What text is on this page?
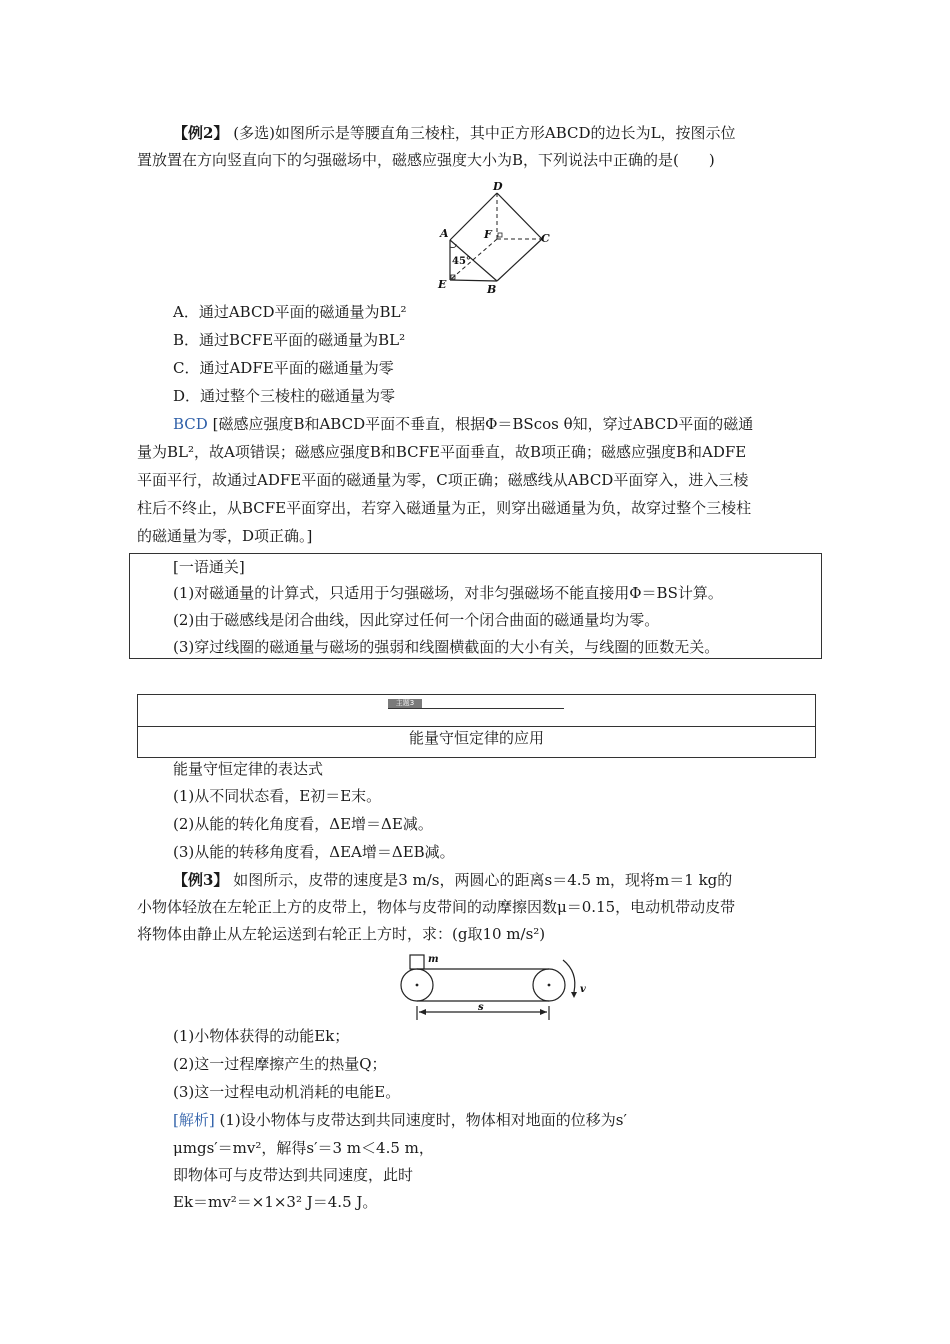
【例2】 (多选)如图所示是等腰直角三棱柱，其中正方形ABCD的边长为L，按图示位
置放置在方向竖直向下的匀强磁场中，磁感应强度大小为B，下列说法中正确的是(　　)
D
A	F	C
E	B
45°
A．通过ABCD平面的磁通量为BL²
B．通过BCFE平面的磁通量为BL²
C．通过ADFE平面的磁通量为零
D．通过整个三棱柱的磁通量为零
BCD [磁感应强度B和ABCD平面不垂直，根据Φ＝BScos θ知，穿过ABCD平面的磁通
量为BL²，故A项错误；磁感应强度B和BCFE平面垂直，故B项正确；磁感应强度B和ADFE
平面平行，故通过ADFE平面的磁通量为零，C项正确；磁感线从ABCD平面穿入，进入三棱
柱后不终止，从BCFE平面穿出，若穿入磁通量为正，则穿出磁通量为负，故穿过整个三棱柱
的磁通量为零，D项正确。]
[一语通关]
(1)对磁通量的计算式，只适用于匀强磁场，对非匀强磁场不能直接用Φ＝BS计算。
(2)由于磁感线是闭合曲线，因此穿过任何一个闭合曲面的磁通量均为零。
(3)穿过线圈的磁通量与磁场的强弱和线圈横截面的大小有关，与线圈的匝数无关。
主题3
能量守恒定律的应用
能量守恒定律的表达式
(1)从不同状态看，E初＝E末。
(2)从能的转化角度看，ΔE增＝ΔE减。
(3)从能的转移角度看，ΔEA增＝ΔEB减。
【例3】 如图所示，皮带的速度是3 m/s，两圆心的距离s＝4.5 m，现将m＝1 kg的
小物体轻放在左轮正上方的皮带上，物体与皮带间的动摩擦因数μ＝0.15，电动机带动皮带
将物体由静止从左轮运送到右轮正上方时，求：(g取10 m/s²)
m
v
s
(1)小物体获得的动能Ek；
(2)这一过程摩擦产生的热量Q；
(3)这一过程电动机消耗的电能E。
[解析] (1)设小物体与皮带达到共同速度时，物体相对地面的位移为s′
μmgs′＝mv²，解得s′＝3 m＜4.5 m，
即物体可与皮带达到共同速度，此时
Ek＝mv²＝×1×3² J＝4.5 J。
